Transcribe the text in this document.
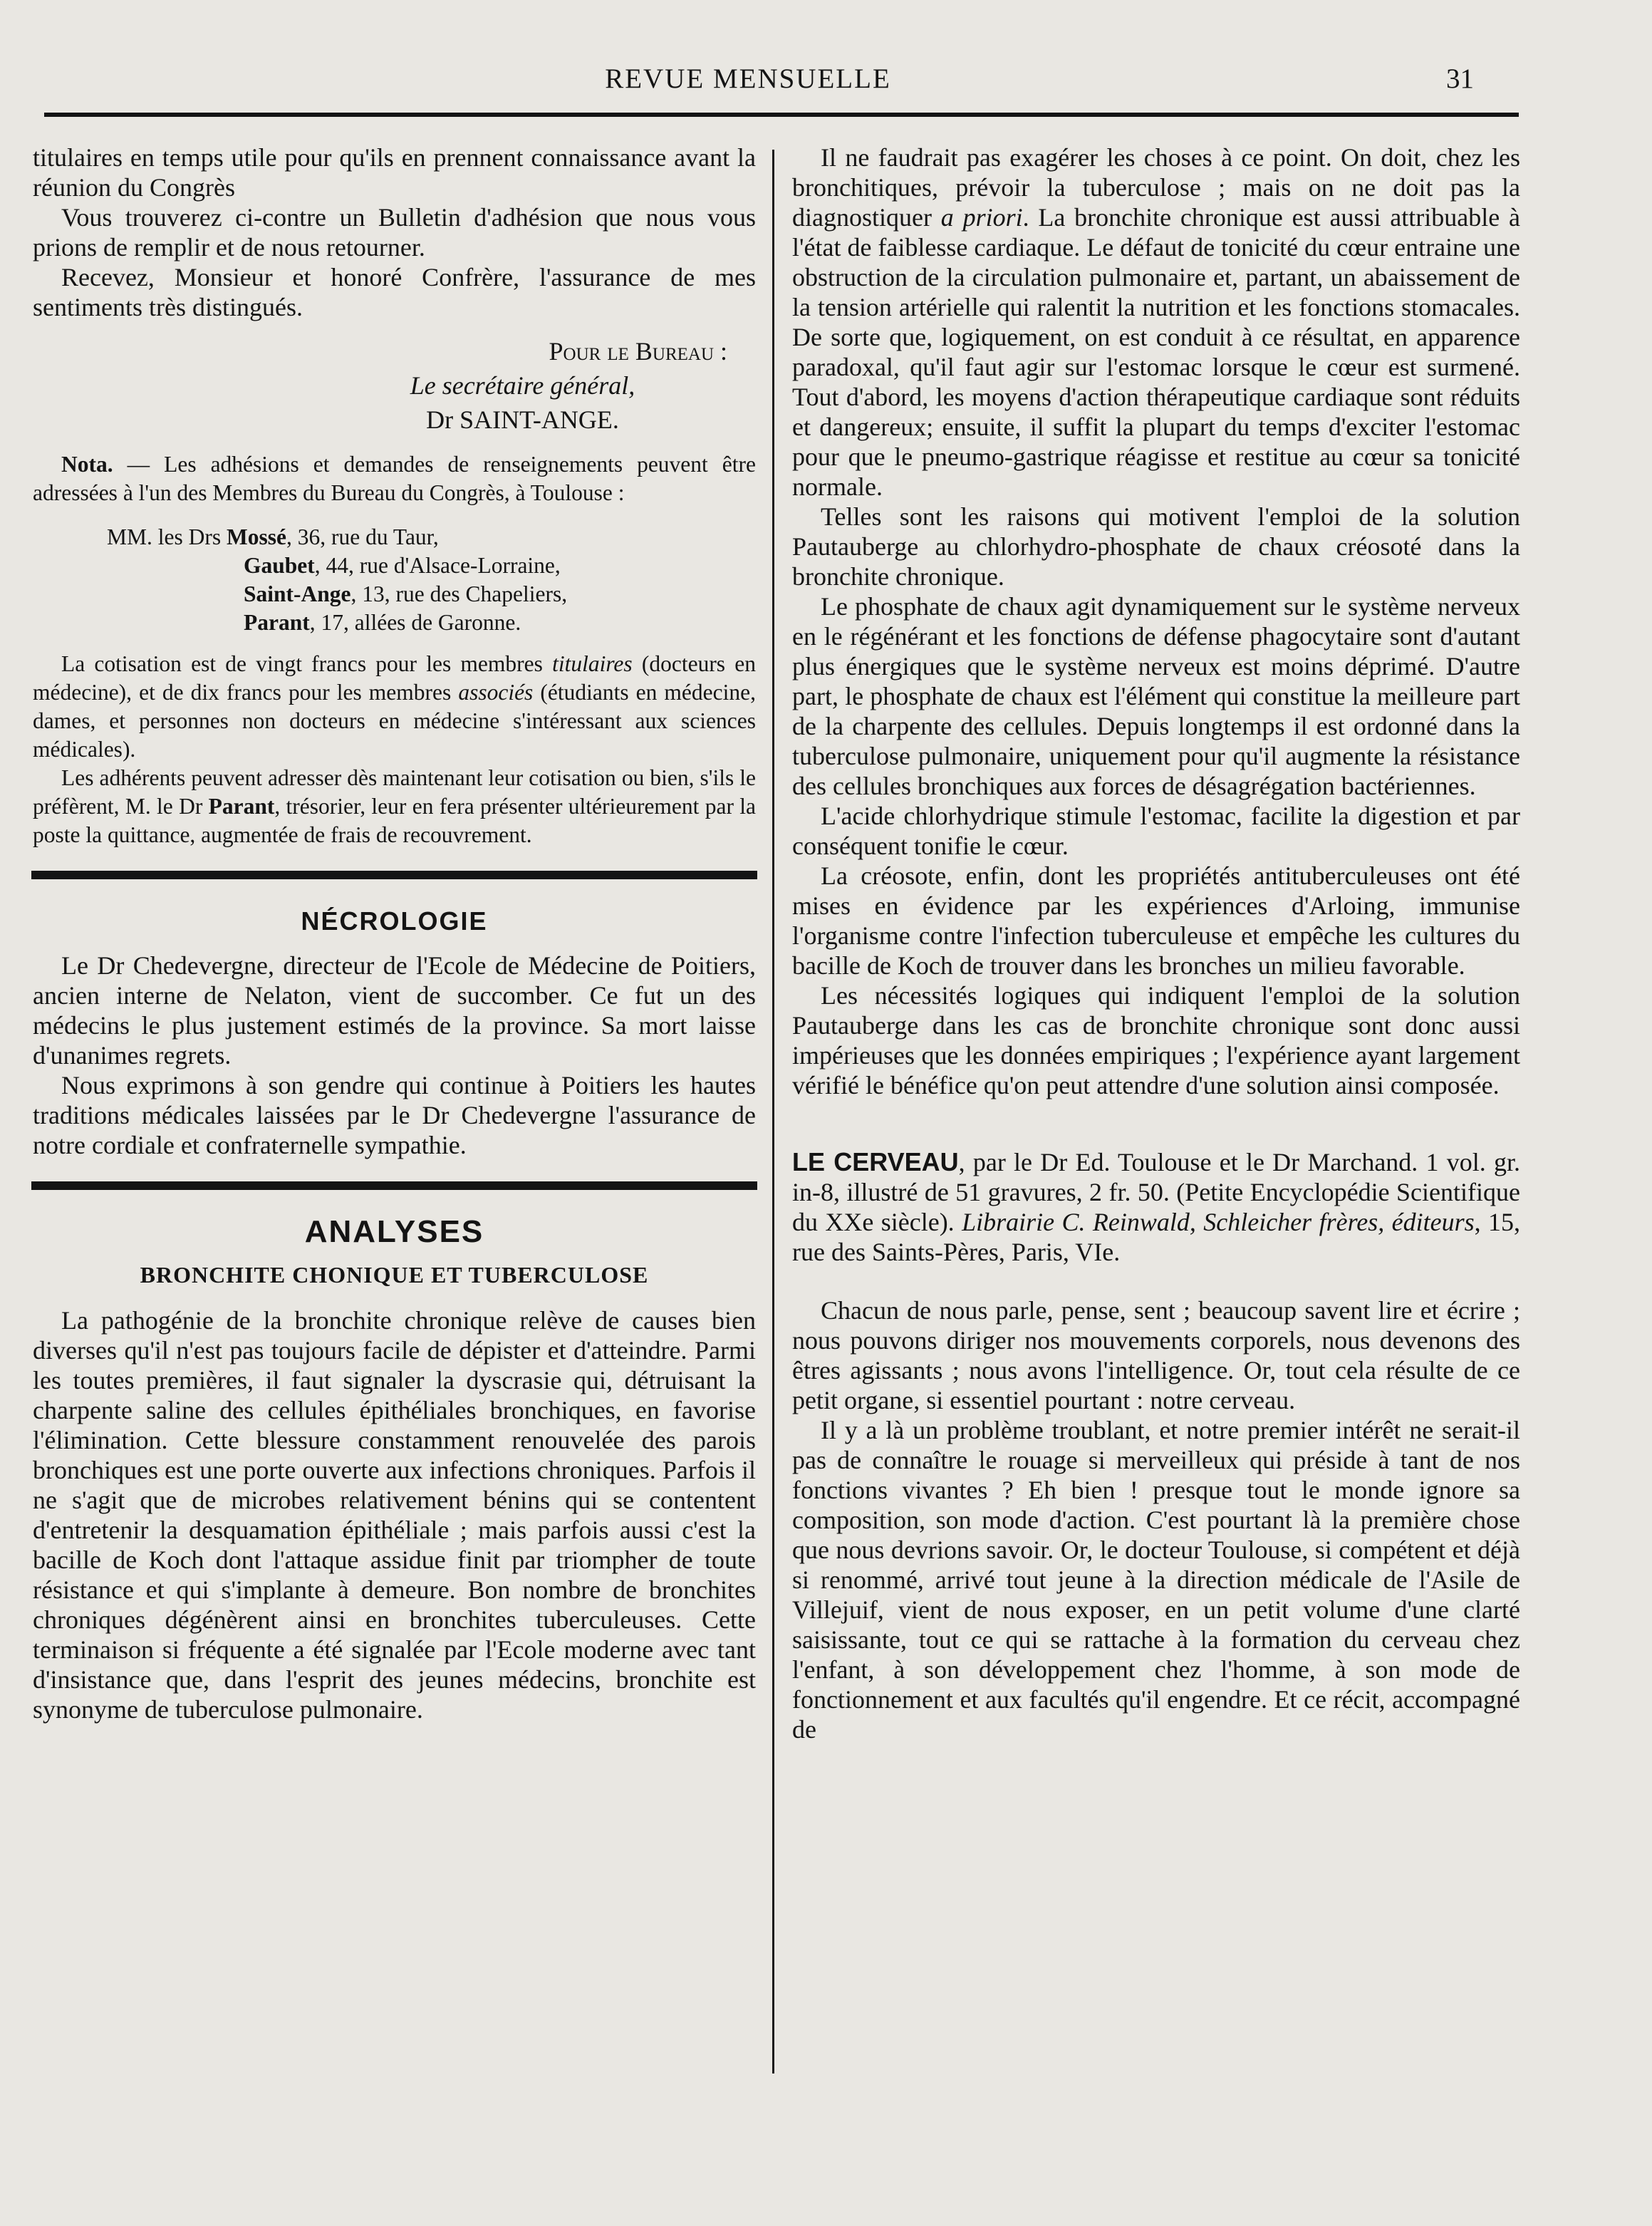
REVUE MENSUELLE	31

titulaires en temps utile pour qu'ils en prennent connaissance avant la réunion du Congrès

Vous trouverez ci-contre un Bulletin d'adhésion que nous vous prions de remplir et de nous retourner.

Recevez, Monsieur et honoré Confrère, l'assurance de mes sentiments très distingués.

Pour le Bureau :

Le secrétaire général,

Dr SAINT-ANGE.

Nota. — Les adhésions et demandes de renseignements peuvent être adressées à l'un des Membres du Bureau du Congrès, à Toulouse :

MM. les Drs Mossé, 36, rue du Taur,
Gaubet, 44, rue d'Alsace-Lorraine,
Saint-Ange, 13, rue des Chapeliers,
Parant, 17, allées de Garonne.

La cotisation est de vingt francs pour les membres titulaires (docteurs en médecine), et de dix francs pour les membres associés (étudiants en médecine, dames, et personnes non docteurs en médecine s'intéressant aux sciences médicales).

Les adhérents peuvent adresser dès maintenant leur cotisation ou bien, s'ils le préfèrent, M. le Dr Parant, trésorier, leur en fera présenter ultérieurement par la poste la quittance, augmentée de frais de recouvrement.

NÉCROLOGIE

Le Dr Chedevergne, directeur de l'Ecole de Médecine de Poitiers, ancien interne de Nelaton, vient de succomber. Ce fut un des médecins le plus justement estimés de la province. Sa mort laisse d'unanimes regrets.

Nous exprimons à son gendre qui continue à Poitiers les hautes traditions médicales laissées par le Dr Chedevergne l'assurance de notre cordiale et confraternelle sympathie.

ANALYSES
BRONCHITE CHONIQUE ET TUBERCULOSE

La pathogénie de la bronchite chronique relève de causes bien diverses qu'il n'est pas toujours facile de dépister et d'atteindre. Parmi les toutes premières, il faut signaler la dyscrasie qui, détruisant la charpente saline des cellules épithéliales bronchiques, en favorise l'élimination. Cette blessure constamment renouvelée des parois bronchiques est une porte ouverte aux infections chroniques. Parfois il ne s'agit que de microbes relativement bénins qui se contentent d'entretenir la desquamation épithéliale ; mais parfois aussi c'est la bacille de Koch dont l'attaque assidue finit par triompher de toute résistance et qui s'implante à demeure. Bon nombre de bronchites chroniques dégénèrent ainsi en bronchites tuberculeuses. Cette terminaison si fréquente a été signalée par l'Ecole moderne avec tant d'insistance que, dans l'esprit des jeunes médecins, bronchite est synonyme de tuberculose pulmonaire.

Il ne faudrait pas exagérer les choses à ce point. On doit, chez les bronchitiques, prévoir la tuberculose ; mais on ne doit pas la diagnostiquer a priori. La bronchite chronique est aussi attribuable à l'état de faiblesse cardiaque. Le défaut de tonicité du cœur entraine une obstruction de la circulation pulmonaire et, partant, un abaissement de la tension artérielle qui ralentit la nutrition et les fonctions stomacales. De sorte que, logiquement, on est conduit à ce résultat, en apparence paradoxal, qu'il faut agir sur l'estomac lorsque le cœur est surmené. Tout d'abord, les moyens d'action thérapeutique cardiaque sont réduits et dangereux; ensuite, il suffit la plupart du temps d'exciter l'estomac pour que le pneumo-gastrique réagisse et restitue au cœur sa tonicité normale.

Telles sont les raisons qui motivent l'emploi de la solution Pautauberge au chlorhydro-phosphate de chaux créosoté dans la bronchite chronique.

Le phosphate de chaux agit dynamiquement sur le système nerveux en le régénérant et les fonctions de défense phagocytaire sont d'autant plus énergiques que le système nerveux est moins déprimé. D'autre part, le phosphate de chaux est l'élément qui constitue la meilleure part de la charpente des cellules. Depuis longtemps il est ordonné dans la tuberculose pulmonaire, uniquement pour qu'il augmente la résistance des cellules bronchiques aux forces de désagrégation bactériennes.

L'acide chlorhydrique stimule l'estomac, facilite la digestion et par conséquent tonifie le cœur.

La créosote, enfin, dont les propriétés antituberculeuses ont été mises en évidence par les expériences d'Arloing, immunise l'organisme contre l'infection tuberculeuse et empêche les cultures du bacille de Koch de trouver dans les bronches un milieu favorable.

Les nécessités logiques qui indiquent l'emploi de la solution Pautauberge dans les cas de bronchite chronique sont donc aussi impérieuses que les données empiriques ; l'expérience ayant largement vérifié le bénéfice qu'on peut attendre d'une solution ainsi composée.

LE CERVEAU, par le Dr Ed. Toulouse et le Dr Marchand. 1 vol. gr. in-8, illustré de 51 gravures, 2 fr. 50. (Petite Encyclopédie Scientifique du XXe siècle). Librairie C. Reinwald, Schleicher frères, éditeurs, 15, rue des Saints-Pères, Paris, VIe.

Chacun de nous parle, pense, sent ; beaucoup savent lire et écrire ; nous pouvons diriger nos mouvements corporels, nous devenons des êtres agissants ; nous avons l'intelligence. Or, tout cela résulte de ce petit organe, si essentiel pourtant : notre cerveau.

Il y a là un problème troublant, et notre premier intérêt ne serait-il pas de connaître le rouage si merveilleux qui préside à tant de nos fonctions vivantes ? Eh bien ! presque tout le monde ignore sa composition, son mode d'action. C'est pourtant là la première chose que nous devrions savoir. Or, le docteur Toulouse, si compétent et déjà si renommé, arrivé tout jeune à la direction médicale de l'Asile de Villejuif, vient de nous exposer, en un petit volume d'une clarté saisissante, tout ce qui se rattache à la formation du cerveau chez l'enfant, à son développement chez l'homme, à son mode de fonctionnement et aux facultés qu'il engendre. Et ce récit, accompagné de
